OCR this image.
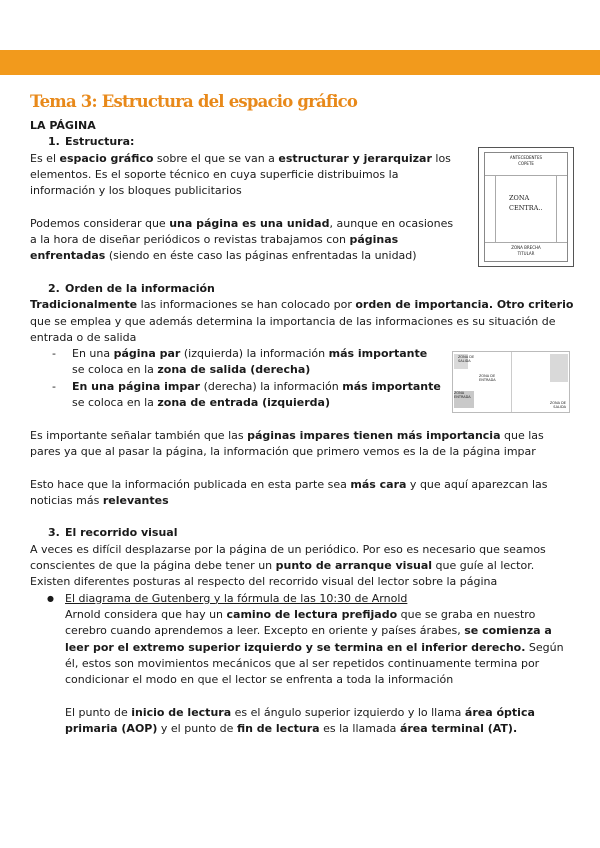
Tema 3: Estructura del espacio gráfico

LA PÁGINA

1. Estructura:

Es el espacio gráfico sobre el que se van a estructurar y jerarquizar los elementos. Es el soporte técnico en cuya superficie distribuimos la información y los bloques publicitarios

Podemos considerar que una página es una unidad, aunque en ocasiones a la hora de diseñar periódicos o revistas trabajamos con páginas enfrentadas (siendo en éste caso las páginas enfrentadas la unidad)

2. Orden de la información

Tradicionalmente las informaciones se han colocado por orden de importancia. Otro criterio que se emplea y que además determina la importancia de las informaciones es su situación de entrada o de salida

- En una página par (izquierda) la información más importante se coloca en la zona de salida (derecha)

- En una página impar (derecha) la información más importante se coloca en la zona de entrada (izquierda)

Es importante señalar también que las páginas impares tienen más importancia que las pares ya que al pasar la página, la información que primero vemos es la de la página impar

Esto hace que la información publicada en esta parte sea más cara y que aquí aparezcan las noticias más relevantes

3. El recorrido visual

A veces es difícil desplazarse por la página de un periódico. Por eso es necesario que seamos conscientes de que la página debe tener un punto de arranque visual que guíe al lector.

Existen diferentes posturas al respecto del recorrido visual del lector sobre la página

● El diagrama de Gutenberg y la fórmula de las 10:30 de Arnold

Arnold considera que hay un camino de lectura prefijado que se graba en nuestro cerebro cuando aprendemos a leer. Excepto en oriente y países árabes, se comienza a leer por el extremo superior izquierdo y se termina en el inferior derecho. Según él, estos son movimientos mecánicos que al ser repetidos continuamente termina por condicionar el modo en que el lector se enfrenta a toda la información

El punto de inicio de lectura es el ángulo superior izquierdo y lo llama área óptica primaria (AOP) y el punto de fin de lectura es la llamada área terminal (AT).

ANTECEDENTES
COPETE
ZONA
CENTRA..
ZONA BRECHA
TITULAR
ZONA DE
SALIDA
ZONA
ENTRADA
ZONA DE
ENTRADA
ZONA DE
SALIDA
